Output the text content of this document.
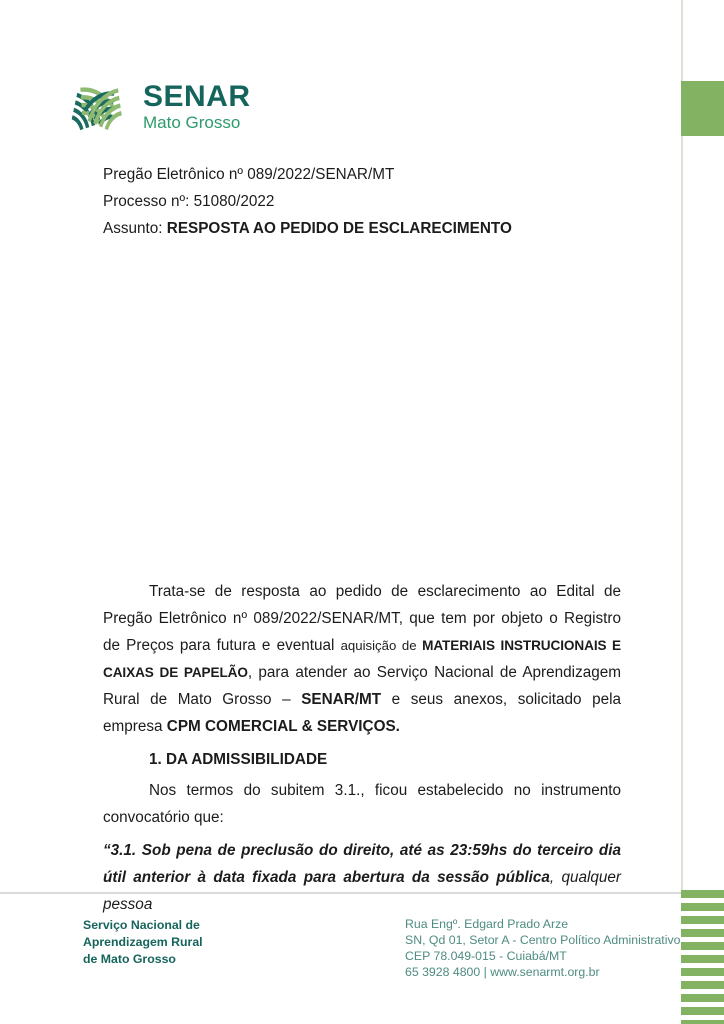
SENAR
Mato Grosso
Pregão Eletrônico nº 089/2022/SENAR/MT
Processo nº: 51080/2022
Assunto: RESPOSTA AO PEDIDO DE ESCLARECIMENTO

Trata-se de resposta ao pedido de esclarecimento ao Edital de Pregão Eletrônico nº 089/2022/SENAR/MT, que tem por objeto o Registro de Preços para futura e eventual aquisição de MATERIAIS INSTRUCIONAIS E CAIXAS DE PAPELÃO, para atender ao Serviço Nacional de Aprendizagem Rural de Mato Grosso – SENAR/MT e seus anexos, solicitado pela empresa CPM COMERCIAL & SERVIÇOS.

1. DA ADMISSIBILIDADE

Nos termos do subitem 3.1., ficou estabelecido no instrumento convocatório que:

“3.1. Sob pena de preclusão do direito, até as 23:59hs do terceiro dia útil anterior à data fixada para abertura da sessão pública, qualquer pessoa

Serviço Nacional de
Aprendizagem Rural
de Mato Grosso
Rua Engº. Edgard Prado Arze
SN, Qd 01, Setor A - Centro Político Administrativo
CEP 78.049-015 - Cuiabá/MT
65 3928 4800 | www.senarmt.org.br
